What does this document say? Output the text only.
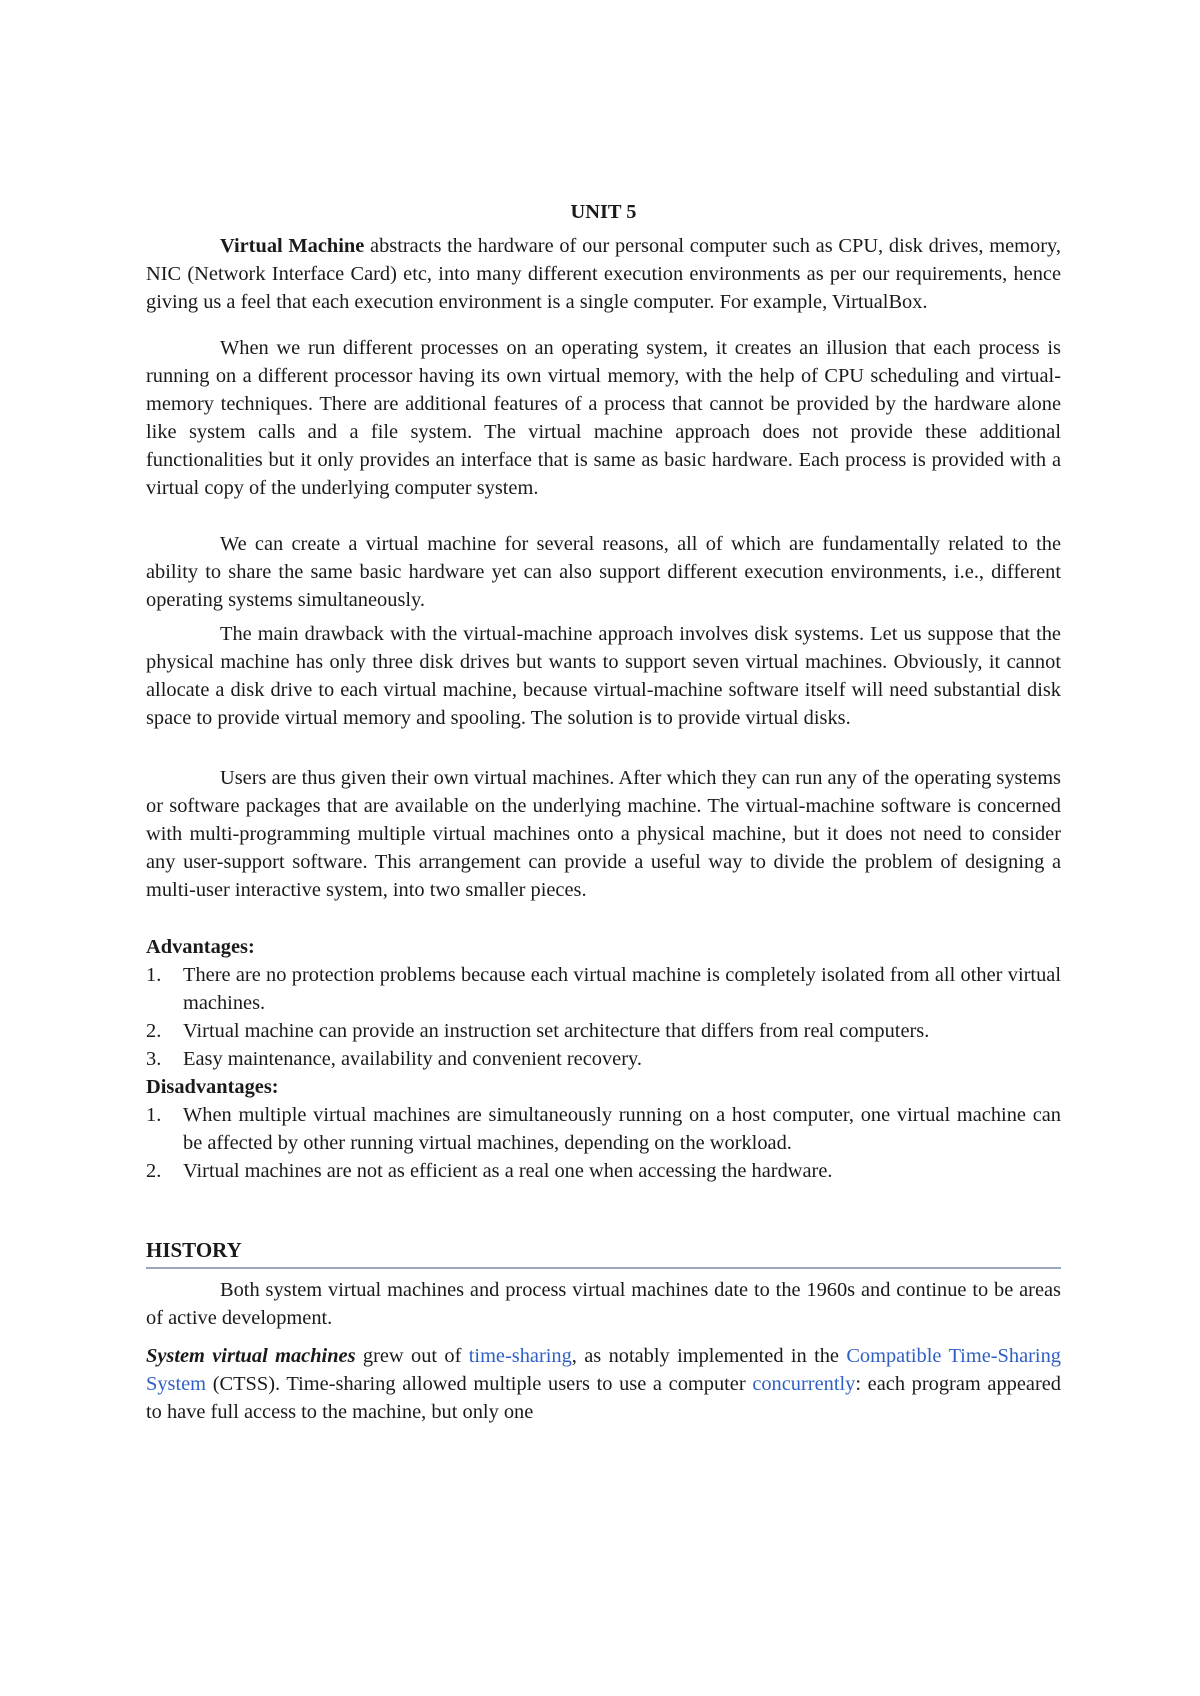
UNIT 5

Virtual Machine abstracts the hardware of our personal computer such as CPU, disk drives, memory, NIC (Network Interface Card) etc, into many different execution environments as per our requirements, hence giving us a feel that each execution environment is a single computer. For example, VirtualBox.

When we run different processes on an operating system, it creates an illusion that each process is running on a different processor having its own virtual memory, with the help of CPU scheduling and virtual-memory techniques. There are additional features of a process that cannot be provided by the hardware alone like system calls and a file system. The virtual machine approach does not provide these additional functionalities but it only provides an interface that is same as basic hardware. Each process is provided with a virtual copy of the underlying computer system.

We can create a virtual machine for several reasons, all of which are fundamentally related to the ability to share the same basic hardware yet can also support different execution environments, i.e., different operating systems simultaneously.

The main drawback with the virtual-machine approach involves disk systems. Let us suppose that the physical machine has only three disk drives but wants to support seven virtual machines. Obviously, it cannot allocate a disk drive to each virtual machine, because virtual-machine software itself will need substantial disk space to provide virtual memory and spooling. The solution is to provide virtual disks.

Users are thus given their own virtual machines. After which they can run any of the operating systems or software packages that are available on the underlying machine. The virtual-machine software is concerned with multi-programming multiple virtual machines onto a physical machine, but it does not need to consider any user-support software. This arrangement can provide a useful way to divide the problem of designing a multi-user interactive system, into two smaller pieces.

Advantages:
1. There are no protection problems because each virtual machine is completely isolated from all other virtual machines.
2. Virtual machine can provide an instruction set architecture that differs from real computers.
3. Easy maintenance, availability and convenient recovery.
Disadvantages:
1. When multiple virtual machines are simultaneously running on a host computer, one virtual machine can be affected by other running virtual machines, depending on the workload.
2. Virtual machines are not as efficient as a real one when accessing the hardware.
HISTORY

Both system virtual machines and process virtual machines date to the 1960s and continue to be areas of active development.

System virtual machines grew out of time-sharing, as notably implemented in the Compatible Time-Sharing System (CTSS). Time-sharing allowed multiple users to use a computer concurrently: each program appeared to have full access to the machine, but only one
